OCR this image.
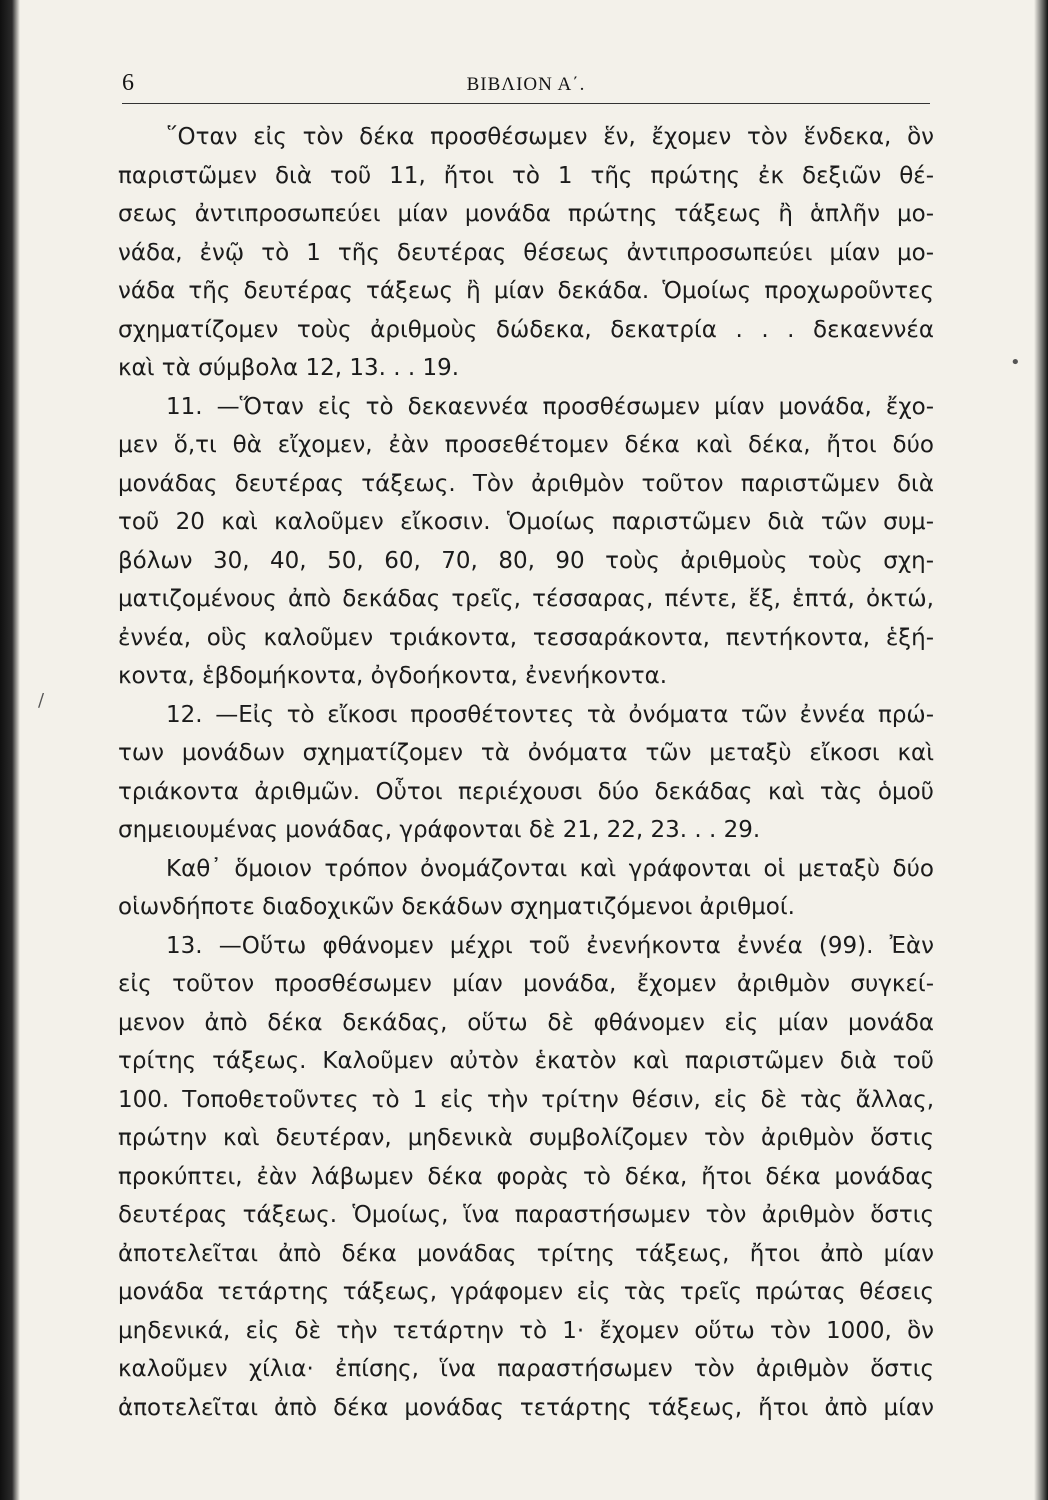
6	ΒΙΒΛΙΟΝ Α΄.
῞Οταν εἰς τὸν δέκα προσθέσωμεν ἕν, ἔχομεν τὸν ἕνδεκα, ὃν
παριστῶμεν διὰ τοῦ 11, ἤτοι τὸ 1 τῆς πρώτης ἐκ δεξιῶν θέ-
σεως ἀντιπροσωπεύει μίαν μονάδα πρώτης τάξεως ἢ ἁπλῆν μο-
νάδα, ἐνῷ τὸ 1 τῆς δευτέρας θέσεως ἀντιπροσωπεύει μίαν μο-
νάδα τῆς δευτέρας τάξεως ἢ μίαν δεκάδα. Ὁμοίως προχωροῦντες
σχηματίζομεν τοὺς ἀριθμοὺς δώδεκα, δεκατρία . . . δεκαεννέα
καὶ τὰ σύμβολα 12, 13. . . 19.
11. —Ὅταν εἰς τὸ δεκαεννέα προσθέσωμεν μίαν μονάδα, ἔχο-
μεν ὅ,τι θὰ εἴχομεν, ἐὰν προσεθέτομεν δέκα καὶ δέκα, ἤτοι δύο
μονάδας δευτέρας τάξεως. Τὸν ἀριθμὸν τοῦτον παριστῶμεν διὰ
τοῦ 20 καὶ καλοῦμεν εἴκοσιν. Ὁμοίως παριστῶμεν διὰ τῶν συμ-
βόλων 30, 40, 50, 60, 70, 80, 90 τοὺς ἀριθμοὺς τοὺς σχη-
ματιζομένους ἀπὸ δεκάδας τρεῖς, τέσσαρας, πέντε, ἕξ, ἑπτά, ὀκτώ,
ἐννέα, οὓς καλοῦμεν τριάκοντα, τεσσαράκοντα, πεντήκοντα, ἑξή-
κοντα, ἑβδομήκοντα, ὀγδοήκοντα, ἐνενήκοντα.
12. —Εἰς τὸ εἴκοσι προσθέτοντες τὰ ὀνόματα τῶν ἐννέα πρώ-
των μονάδων σχηματίζομεν τὰ ὀνόματα τῶν μεταξὺ εἴκοσι καὶ
τριάκοντα ἀριθμῶν. Οὗτοι περιέχουσι δύο δεκάδας καὶ τὰς ὁμοῦ
σημειουμένας μονάδας, γράφονται δὲ 21, 22, 23. . . 29.
Καθ᾽ ὅμοιον τρόπον ὀνομάζονται καὶ γράφονται οἱ μεταξὺ δύο
οἱωνδήποτε διαδοχικῶν δεκάδων σχηματιζόμενοι ἀριθμοί.
13. —Οὕτω φθάνομεν μέχρι τοῦ ἐνενήκοντα ἐννέα (99). Ἐὰν
εἰς τοῦτον προσθέσωμεν μίαν μονάδα, ἔχομεν ἀριθμὸν συγκεί-
μενον ἀπὸ δέκα δεκάδας, οὕτω δὲ φθάνομεν εἰς μίαν μονάδα
τρίτης τάξεως. Καλοῦμεν αὐτὸν ἑκατὸν καὶ παριστῶμεν διὰ τοῦ
100. Τοποθετοῦντες τὸ 1 εἰς τὴν τρίτην θέσιν, εἰς δὲ τὰς ἄλλας,
πρώτην καὶ δευτέραν, μηδενικὰ συμβολίζομεν τὸν ἀριθμὸν ὅστις
προκύπτει, ἐὰν λάβωμεν δέκα φορὰς τὸ δέκα, ἤτοι δέκα μονάδας
δευτέρας τάξεως. Ὁμοίως, ἵνα παραστήσωμεν τὸν ἀριθμὸν ὅστις
ἀποτελεῖται ἀπὸ δέκα μονάδας τρίτης τάξεως, ἤτοι ἀπὸ μίαν
μονάδα τετάρτης τάξεως, γράφομεν εἰς τὰς τρεῖς πρώτας θέσεις
μηδενικά, εἰς δὲ τὴν τετάρτην τὸ 1· ἔχομεν οὕτω τὸν 1000, ὃν
καλοῦμεν χίλια· ἐπίσης, ἵνα παραστήσωμεν τὸν ἀριθμὸν ὅστις
ἀποτελεῖται ἀπὸ δέκα μονάδας τετάρτης τάξεως, ἤτοι ἀπὸ μίαν
•
/
